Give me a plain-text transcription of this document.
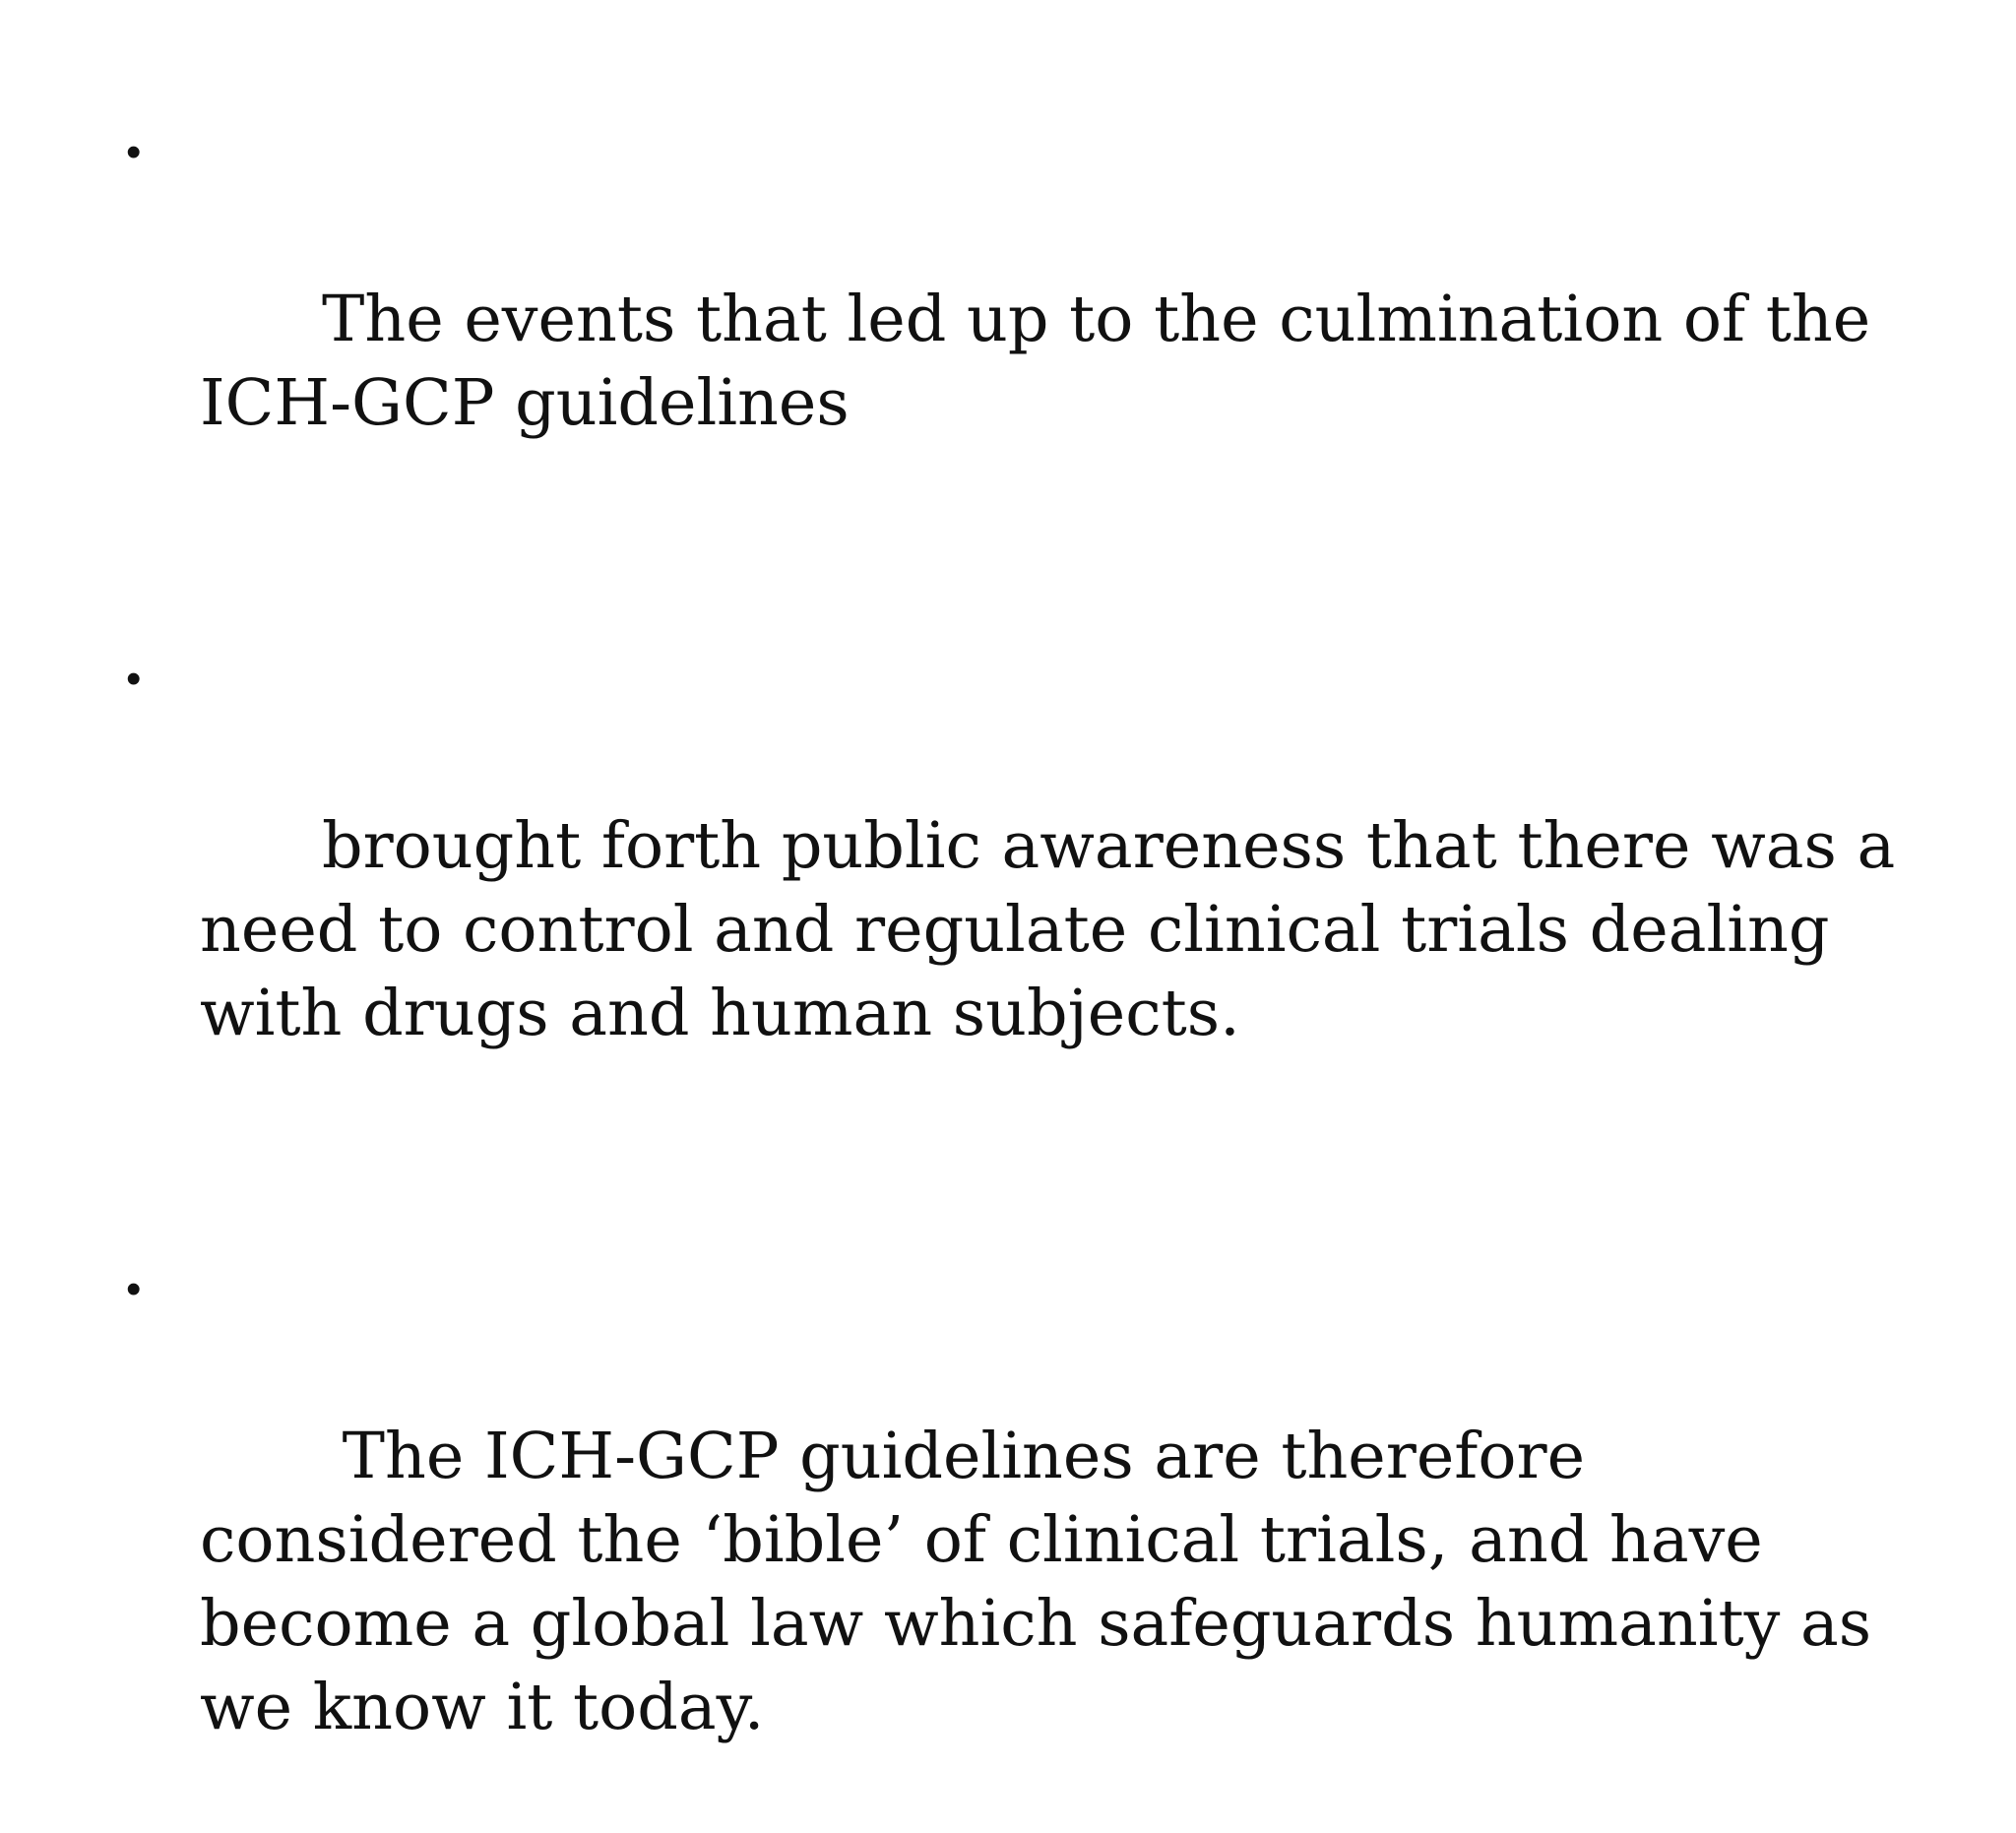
•

The events that led up to the culmination of the ICH-GCP guidelines

•

brought forth public awareness that there was a need to control and regulate clinical trials dealing with drugs and human subjects.

•

The ICH-GCP guidelines are therefore considered the ‘bible’ of clinical trials, and have become a global law which safeguards humanity as we know it today.
